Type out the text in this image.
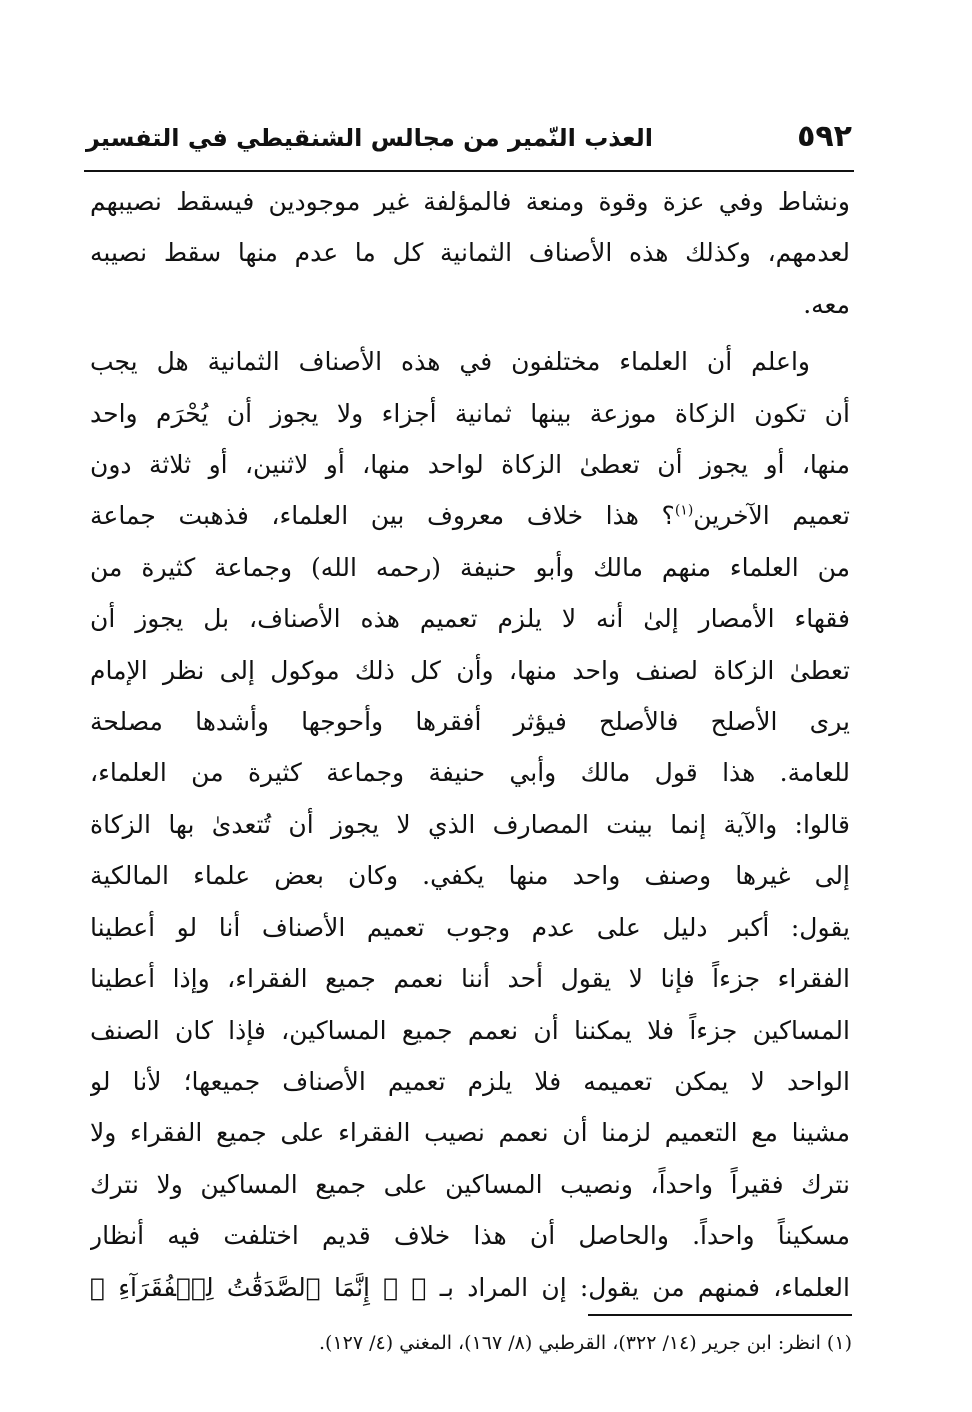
٥٩٢
العذب النّمير من مجالس الشنقيطي في التفسير
ونشاط وفي عزة وقوة ومنعة فالمؤلفة غير موجودين فيسقط نصيبهم
لعدمهم، وكذلك هذه الأصناف الثمانية كل ما عدم منها سقط نصيبه
معه.
واعلم أن العلماء مختلفون في هذه الأصناف الثمانية هل يجب
أن تكون الزكاة موزعة بينها ثمانية أجزاء ولا يجوز أن يُحْرَم واحد
منها، أو يجوز أن تعطىٰ الزكاة لواحد منها، أو لاثنين، أو ثلاثة دون
تعميم الآخرين$^{(١)}$؟ هذا خلاف معروف بين العلماء، فذهبت جماعة
من العلماء منهم مالك وأبو حنيفة (رحمه الله) وجماعة كثيرة من
فقهاء الأمصار إلىٰ أنه لا يلزم تعميم هذه الأصناف، بل يجوز أن
تعطىٰ الزكاة لصنف واحد منها، وأن كل ذلك موكول إلى نظر الإمام
يرى الأصلح فالأصلح فيؤثر أفقرها وأحوجها وأشدها مصلحة
للعامة. هذا قول مالك وأبي حنيفة وجماعة كثيرة من العلماء،
قالوا: والآية إنما بينت المصارف الذي لا يجوز أن تُتعدىٰ بها الزكاة
إلى غيرها وصنف واحد منها يكفي. وكان بعض علماء المالكية
يقول: أكبر دليل على عدم وجوب تعميم الأصناف أنا لو أعطينا
الفقراء جزءاً فإنا لا يقول أحد أننا نعمم جميع الفقراء، وإذا أعطينا
المساكين جزءاً فلا يمكننا أن نعمم جميع المساكين، فإذا كان الصنف
الواحد لا يمكن تعميمه فلا يلزم تعميم الأصناف جميعها؛ لأنا لو
مشينا مع التعميم لزمنا أن نعمم نصيب الفقراء على جميع الفقراء ولا
نترك فقيراً واحداً، ونصيب المساكين على جميع المساكين ولا نترك
مسكيناً واحداً. والحاصل أن هذا خلاف قديم اختلفت فيه أنظار
العلماء، فمنهم من يقول: إن المراد بـ ﴿ ۞ إِنَّمَا ٱلصَّدَقَٰتُ لِلۡفُقَرَآءِ ﴾
(١) انظر: ابن جرير (١٤/ ٣٢٢)، القرطبي (٨/ ١٦٧)، المغني (٤/ ١٢٧).
